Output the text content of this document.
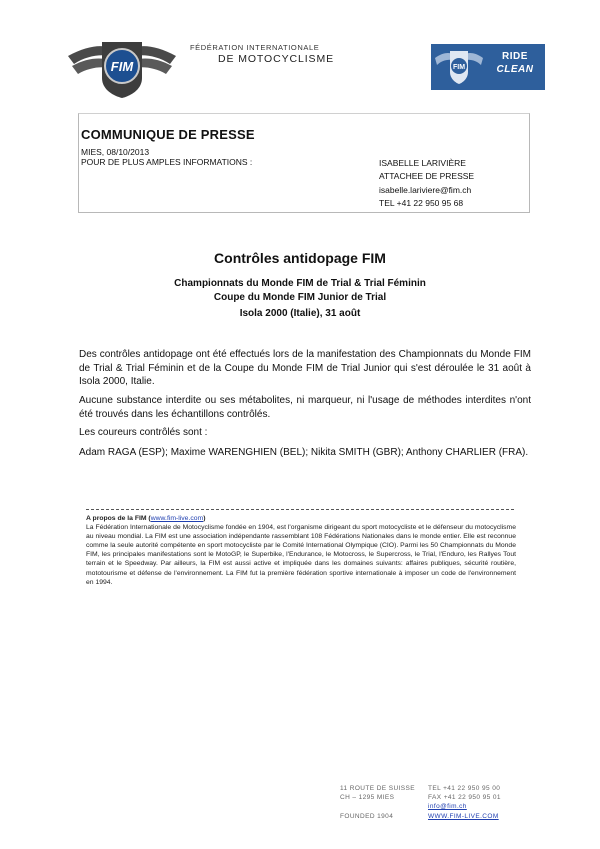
FIM
FÉDÉRATION INTERNATIONALE
DE MOTOCYCLISME
FIM
RIDE
CLEAN
COMMUNIQUE DE PRESSE
MIES, 08/10/2013
POUR DE PLUS AMPLES INFORMATIONS :	ISABELLE LARIVIÈRE
ATTACHEE DE PRESSE
isabelle.lariviere@fim.ch
TEL +41 22 950 95 68
Contrôles antidopage FIM
Championnats du Monde FIM de Trial & Trial Féminin
Coupe du Monde FIM Junior de Trial
Isola 2000 (Italie), 31 août
Des contrôles antidopage ont été effectués lors de la manifestation des Championnats du Monde FIM de Trial & Trial Féminin et de la Coupe du Monde FIM de Trial Junior qui s'est déroulée le 31 août à Isola 2000, Italie.
Aucune substance interdite ou ses métabolites, ni marqueur, ni l'usage de méthodes interdites n'ont été trouvés dans les échantillons contrôlés.
Les coureurs contrôlés sont :
Adam RAGA (ESP); Maxime WARENGHIEN (BEL); Nikita SMITH (GBR); Anthony CHARLIER (FRA).
A propos de la FIM (www.fim-live.com)
La Fédération Internationale de Motocyclisme fondée en 1904, est l'organisme dirigeant du sport motocycliste et le défenseur du motocyclisme au niveau mondial. La FIM est une association indépendante rassemblant 108 Fédérations Nationales dans le monde entier. Elle est reconnue comme la seule autorité compétente en sport motocycliste par le Comité International Olympique (CIO). Parmi les 50 Championnats du Monde FIM, les principales manifestations sont le MotoGP, le Superbike, l'Endurance, le Motocross, le Supercross, le Trial, l'Enduro, les Rallyes Tout terrain et le Speedway. Par ailleurs, la FIM est aussi active et impliquée dans les domaines suivants: affaires publiques, sécurité routière, mototourisme et défense de l'environnement. La FIM fut la première fédération sportive internationale à imposer un code de l'environnement en 1994.
11 ROUTE DE SUISSE
CH – 1295 MIES
FOUNDED 1904
TEL +41 22 950 95 00
FAX +41 22 950 95 01
info@fim.ch
WWW.FIM-LIVE.COM
